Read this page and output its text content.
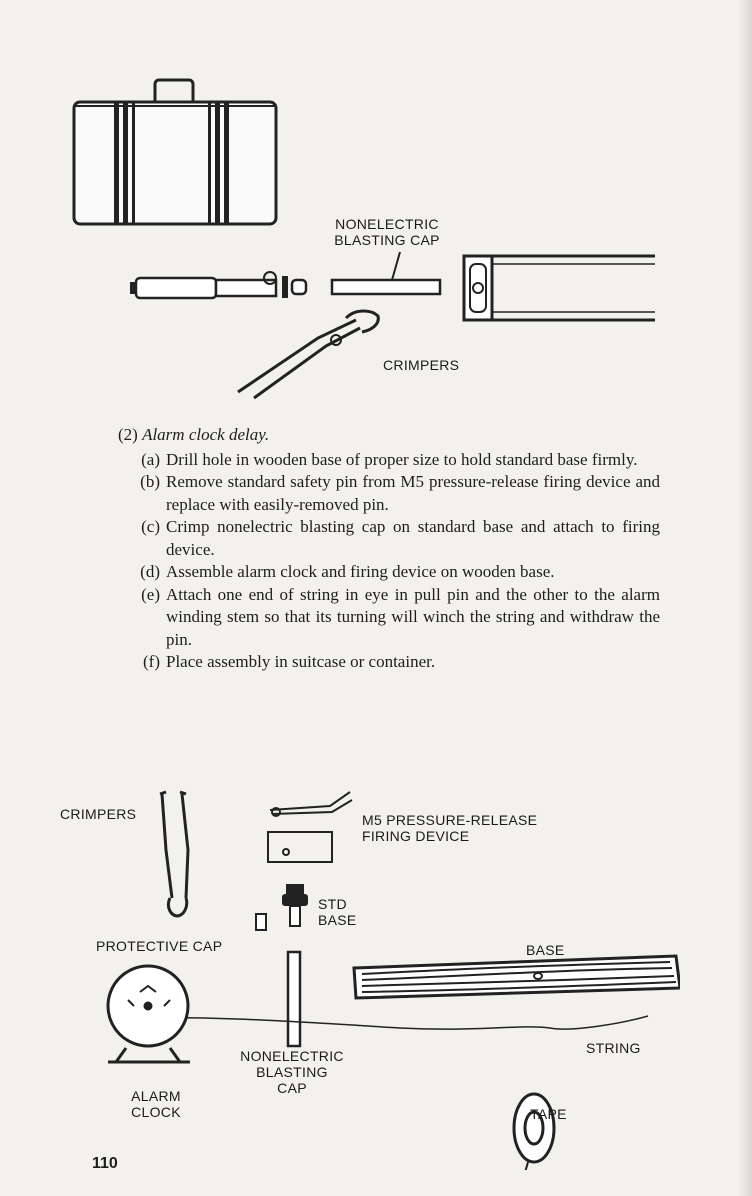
NONELECTRIC
BLASTING CAP
CRIMPERS
(2) Alarm clock delay.
(a) Drill hole in wooden base of proper size to hold standard base firmly.
(b) Remove standard safety pin from M5 pressure-release firing device and replace with easily-removed pin.
(c) Crimp nonelectric blasting cap on standard base and attach to firing device.
(d) Assemble alarm clock and firing device on wooden base.
(e) Attach one end of string in eye in pull pin and the other to the alarm winding stem so that its turning will winch the string and withdraw the pin.
(f) Place assembly in suitcase or container.
CRIMPERS	M5 PRESSURE-RELEASE
FIRING DEVICE
STD
BASE
PROTECTIVE CAP	BASE
STRING
NONELECTRIC
BLASTING
CAP
ALARM
CLOCK	TAPE
110
